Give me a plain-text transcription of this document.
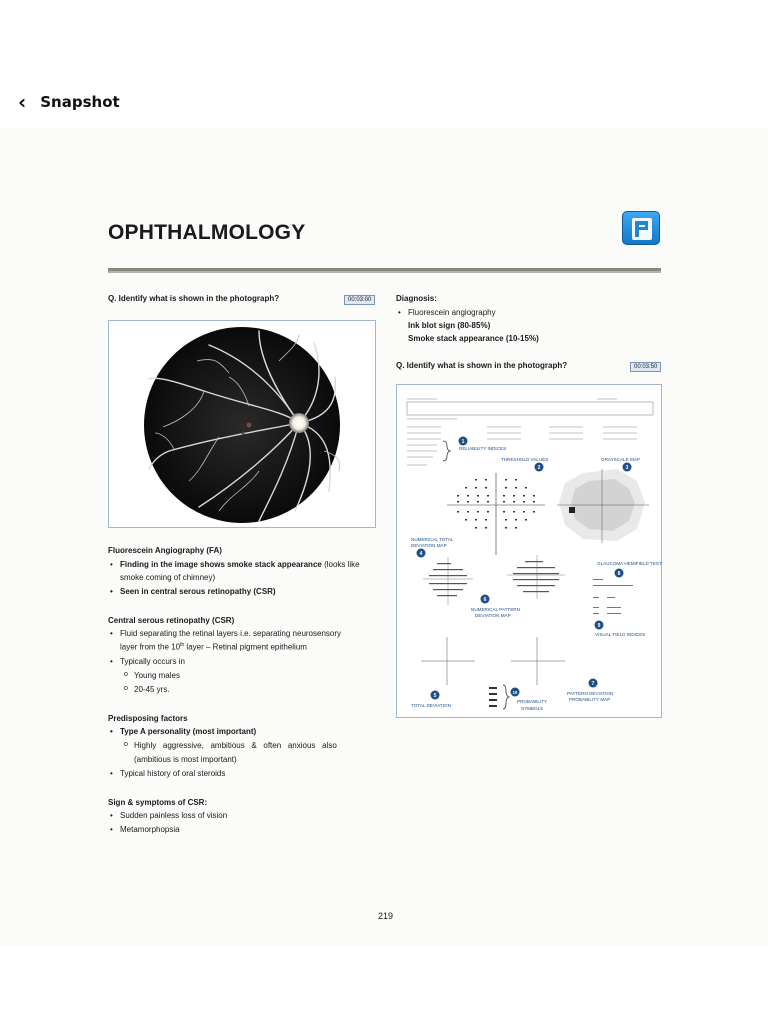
‹ Snapshot
OPHTHALMOLOGY
Q. Identify what is shown in the photograph?	00:03:00	Diagnosis:
• Fluorescein angiography
Ink blot sign (80-85%)
Smoke stack appearance (10-15%)
Q. Identify what is shown in the photograph?	00:03:50
1
RELIABILITY INDICES
THRESHOLD VALUES
2
GRAYSCALE MAP
3
NUMERICAL TOTAL
DEVIATION MAP
4
GLAUCOMA HEMIFIELD TEST
8
6
NUMERICAL PATTERN
DEVIATION MAP
9
VISUAL FIELD INDICES
5
TOTAL DEVIATION
10
PROBABILITY
SYMBOLS
7
PATTERN DEVIATION
PROBABILITY MAP
Fluorescein Angiography (FA)
• Finding in the image shows smoke stack appearance (looks like
smoke coming of chimney)
• Seen in central serous retinopathy (CSR)
Central serous retinopathy (CSR)
• Fluid separating the retinal layers i.e. separating neurosensory
layer from the 10th layer – Retinal pigment epithelium
• Typically occurs in
o Young males
o 20-45 yrs.
Predisposing factors
• Type A personality (most important)
o Highly   aggressive,   ambitious   &   often   anxious   also
(ambitious is most important)
• Typical history of oral steroids
Sign & symptoms of CSR:
• Sudden painless loss of vision
• Metamorphopsia
219
